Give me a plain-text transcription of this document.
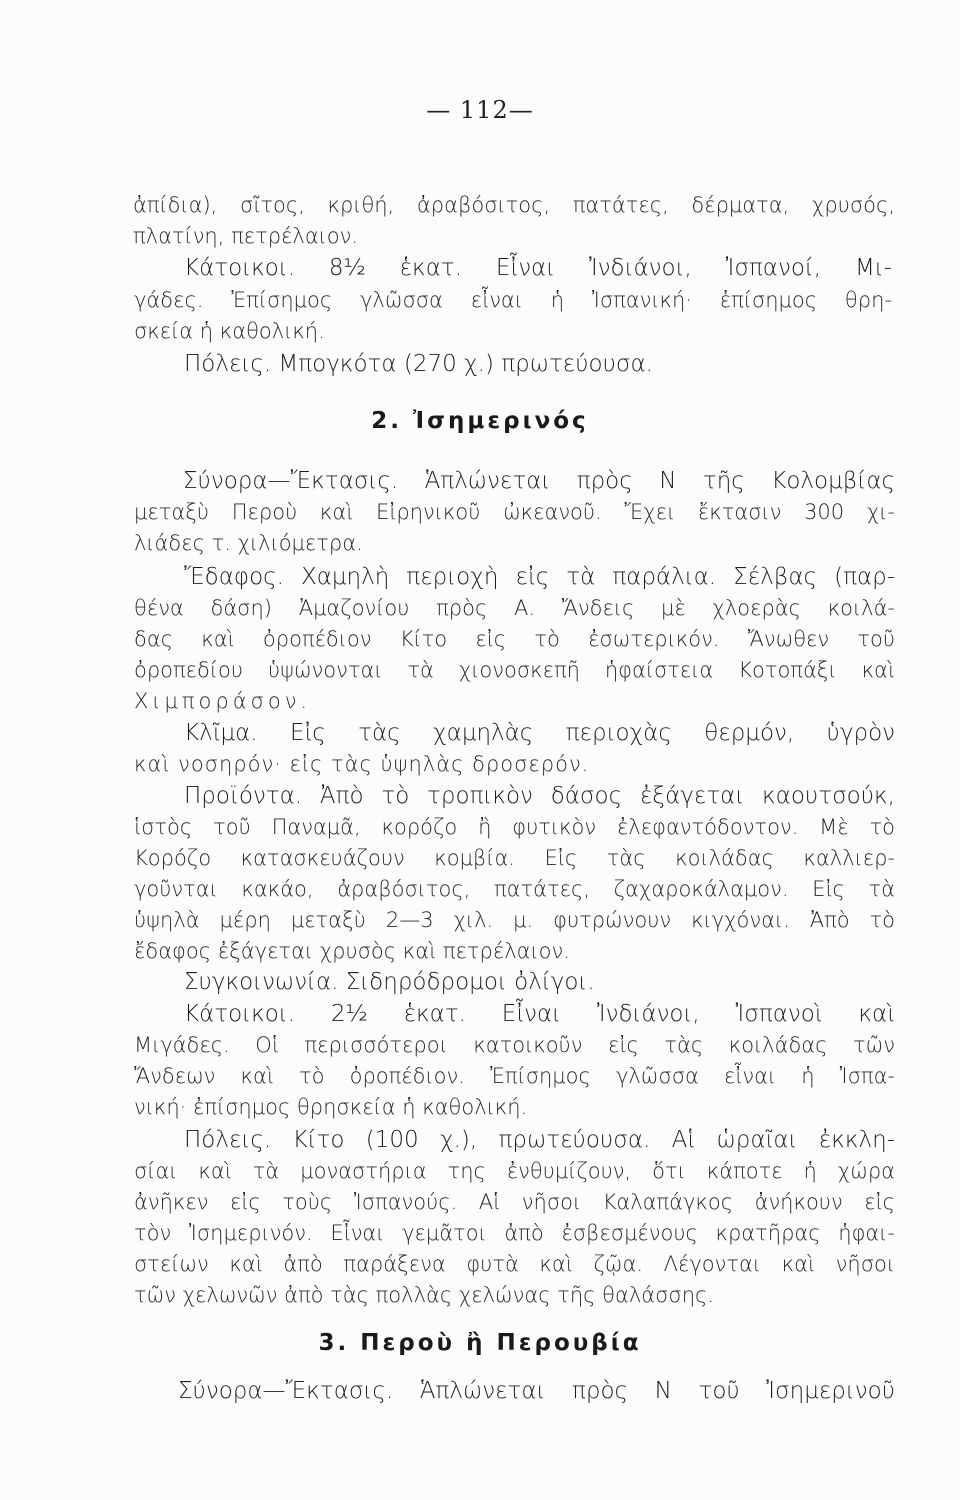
— 112—
ἀπίδια), σῖτος, κριθή, ἀραβόσιτος, πατάτες, δέρματα, χρυσός,
πλατίνη, πετρέλαιον.
Κάτοικοι. 8½ ἑκατ. Εἶναι Ἰνδιάνοι, Ἰσπανοί, Μι-
γάδες. Ἐπίσημος γλῶσσα εἶναι ἡ Ἰσπανική· ἐπίσημος θρη-
σκεία ἡ καθολική.
Πόλεις. Μπογκότα (270 χ.) πρωτεύουσα.
2. Ἰσημερινός
Σύνορα—Ἔκτασις. Ἁπλώνεται πρὸς Ν τῆς Κολομβίας
μεταξὺ Περοὺ καὶ Εἰρηνικοῦ ὠκεανοῦ. Ἔχει ἔκτασιν 300 χι-
λιάδες τ. χιλιόμετρα.
Ἔδαφος. Χαμηλὴ περιοχὴ εἰς τὰ παράλια. Σέλβας (παρ-
θένα δάση) Ἀμαζονίου πρὸς Α. Ἄνδεις μὲ χλοερὰς κοιλά-
δας καὶ ὀροπέδιον Κίτο εἰς τὸ ἐσωτερικόν. Ἄνωθεν τοῦ
ὀροπεδίου ὑψώνονται τὰ χιονοσκεπῆ ἡφαίστεια Κοτοπάξι καὶ
Χιμποράσον.
Κλῖμα. Εἰς τὰς χαμηλὰς περιοχὰς θερμόν, ὑγρὸν
καὶ νοσηρόν· εἰς τὰς ὑψηλὰς δροσερόν.
Προϊόντα. Ἀπὸ τὸ τροπικὸν δάσος ἐξάγεται καουτσούκ,
ἱστὸς τοῦ Παναμᾶ, κορόζο ἢ φυτικὸν ἐλεφαντόδοντον. Μὲ τὸ
Κορόζο κατασκευάζουν κομβία. Εἰς τὰς κοιλάδας καλλιερ-
γοῦνται κακάο, ἀραβόσιτος, πατάτες, ζαχαροκάλαμον. Εἰς τὰ
ὑψηλὰ μέρη μεταξὺ 2—3 χιλ. μ. φυτρώνουν κιγχόναι. Ἀπὸ τὸ
ἔδαφος ἐξάγεται χρυσὸς καὶ πετρέλαιον.
Συγκοινωνία. Σιδηρόδρομοι ὀλίγοι.
Κάτοικοι. 2½ ἑκατ. Εἶναι Ἰνδιάνοι, Ἰσπανοὶ καὶ
Μιγάδες. Οἱ περισσότεροι κατοικοῦν εἰς τὰς κοιλάδας τῶν
Ἄνδεων καὶ τὸ ὀροπέδιον. Ἐπίσημος γλῶσσα εἶναι ἡ Ἰσπα-
νική· ἐπίσημος θρησκεία ἡ καθολική.
Πόλεις. Κίτο (100 χ.), πρωτεύουσα. Αἱ ὡραῖαι ἐκκλη-
σίαι καὶ τὰ μοναστήρια της ἐνθυμίζουν, ὅτι κάποτε ἡ χώρα
ἀνῆκεν εἰς τοὺς Ἰσπανούς. Αἱ νῆσοι Καλαπάγκος ἀνήκουν εἰς
τὸν Ἰσημερινόν. Εἶναι γεμᾶτοι ἀπὸ ἐσβεσμένους κρατῆρας ἡφαι-
στείων καὶ ἀπὸ παράξενα φυτὰ καὶ ζῷα. Λέγονται καὶ νῆσοι
τῶν χελωνῶν ἀπὸ τὰς πολλὰς χελώνας τῆς θαλάσσης.
3. Περοὺ ἢ Περουβία
Σύνορα—Ἔκτασις. Ἁπλώνεται πρὸς Ν τοῦ Ἰσημερινοῦ
